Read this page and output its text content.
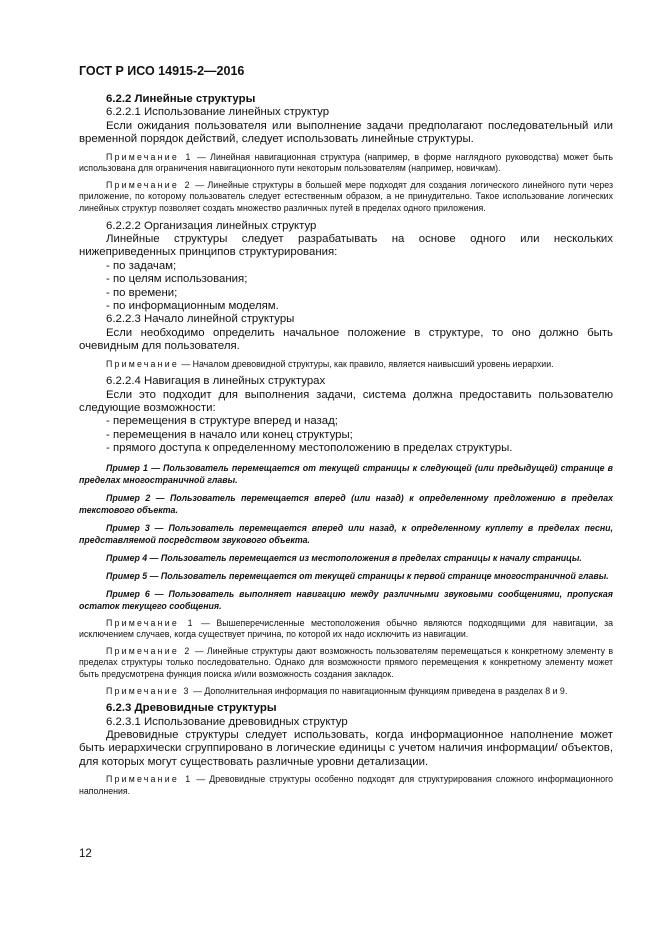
ГОСТ Р ИСО 14915-2—2016
6.2.2 Линейные структуры
6.2.2.1 Использование линейных структур
Если ожидания пользователя или выполнение задачи предполагают последовательный или временной порядок действий, следует использовать линейные структуры.
Примечание 1 — Линейная навигационная структура (например, в форме наглядного руководства) может быть использована для ограничения навигационного пути некоторым пользователям (например, новичкам).
Примечание 2 — Линейные структуры в большей мере подходят для создания логического линейного пути через приложение, по которому пользователь следует естественным образом, а не принудительно. Такое использование логических линейных структур позволяет создать множество различных путей в пределах одного приложения.
6.2.2.2 Организация линейных структур
Линейные структуры следует разрабатывать на основе одного или нескольких нижеприведенных принципов структурирования:
- по задачам;
- по целям использования;
- по времени;
- по информационным моделям.
6.2.2.3 Начало линейной структуры
Если необходимо определить начальное положение в структуре, то оно должно быть очевидным для пользователя.
Примечание — Началом древовидной структуры, как правило, является наивысший уровень иерархии.
6.2.2.4 Навигация в линейных структурах
Если это подходит для выполнения задачи, система должна предоставить пользователю следующие возможности:
- перемещения в структуре вперед и назад;
- перемещения в начало или конец структуры;
- прямого доступа к определенному местоположению в пределах структуры.
Пример 1 — Пользователь перемещается от текущей страницы к следующей (или предыдущей) странице в пределах многостраничной главы.
Пример 2 — Пользователь перемещается вперед (или назад) к определенному предложению в пределах текстового объекта.
Пример 3 — Пользователь перемещается вперед или назад, к определенному куплету в пределах песни, представляемой посредством звукового объекта.
Пример 4 — Пользователь перемещается из местоположения в пределах страницы к началу страницы.
Пример 5 — Пользователь перемещается от текущей страницы к первой странице многостраничной главы.
Пример 6 — Пользователь выполняет навигацию между различными звуковыми сообщениями, пропуская остаток текущего сообщения.
Примечание 1 — Вышеперечисленные местоположения обычно являются подходящими для навигации, за исключением случаев, когда существует причина, по которой их надо исключить из навигации.
Примечание 2 — Линейные структуры дают возможность пользователям перемещаться к конкретному элементу в пределах структуры только последовательно. Однако для возможности прямого перемещения к конкретному элементу может быть предусмотрена функция поиска и/или возможность создания закладок.
Примечание 3 — Дополнительная информация по навигационным функциям приведена в разделах 8 и 9.
6.2.3 Древовидные структуры
6.2.3.1 Использование древовидных структур
Древовидные структуры следует использовать, когда информационное наполнение может быть иерархически сгруппировано в логические единицы с учетом наличия информации/ объектов, для которых могут существовать различные уровни детализации.
Примечание 1 — Древовидные структуры особенно подходят для структурирования сложного информационного наполнения.
12
